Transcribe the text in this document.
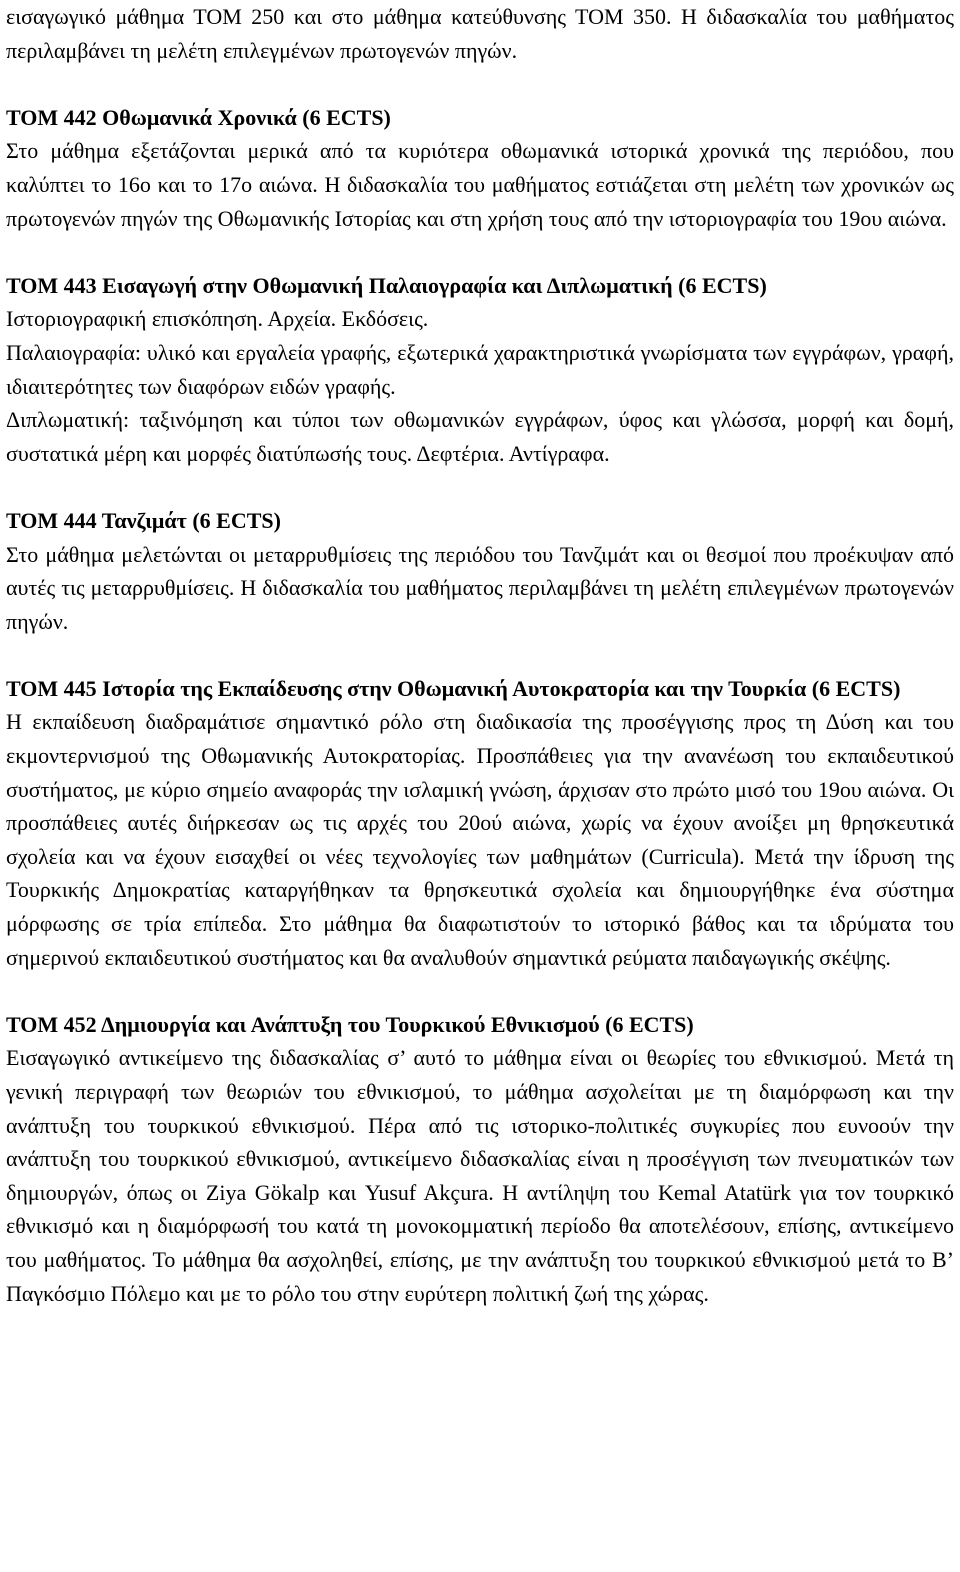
εισαγωγικό μάθημα ΤΟΜ 250 και στο μάθημα κατεύθυνσης ΤΟΜ 350. Η διδασκαλία του μαθήματος περιλαμβάνει τη μελέτη επιλεγμένων πρωτογενών πηγών.

ΤΟΜ 442 Οθωμανικά Χρονικά (6 ECTS)

Στο μάθημα εξετάζονται μερικά από τα κυριότερα οθωμανικά ιστορικά χρονικά της περιόδου, που καλύπτει το 16ο και το 17ο αιώνα. Η διδασκαλία του μαθήματος εστιάζεται στη μελέτη των χρονικών ως πρωτογενών πηγών της Οθωμανικής Ιστορίας και στη χρήση τους από την ιστοριογραφία του 19ου αιώνα.

ΤΟΜ 443 Εισαγωγή στην Οθωμανική Παλαιογραφία και Διπλωματική (6 ECTS)

Ιστοριογραφική επισκόπηση. Αρχεία. Εκδόσεις.

Παλαιογραφία: υλικό και εργαλεία γραφής, εξωτερικά χαρακτηριστικά γνωρίσματα των εγγράφων, γραφή, ιδιαιτερότητες των διαφόρων ειδών γραφής.

Διπλωματική: ταξινόμηση και τύποι των οθωμανικών εγγράφων, ύφος και γλώσσα, μορφή και δομή, συστατικά μέρη και μορφές διατύπωσής τους. Δεφτέρια. Αντίγραφα.

ΤΟΜ 444 Τανζιμάτ (6 ECTS)

Στο μάθημα μελετώνται οι μεταρρυθμίσεις της περιόδου του Τανζιμάτ και οι θεσμοί που προέκυψαν από αυτές τις μεταρρυθμίσεις. Η διδασκαλία του μαθήματος περιλαμβάνει τη μελέτη επιλεγμένων πρωτογενών πηγών.

ΤΟΜ 445 Ιστορία της Εκπαίδευσης στην Οθωμανική Αυτοκρατορία και την Τουρκία (6 ECTS)

Η εκπαίδευση διαδραμάτισε σημαντικό ρόλο στη διαδικασία της προσέγγισης προς τη Δύση και του εκμοντερνισμού της Οθωμανικής Αυτοκρατορίας. Προσπάθειες για την ανανέωση του εκπαιδευτικού συστήματος, με κύριο σημείο αναφοράς την ισλαμική γνώση, άρχισαν στο πρώτο μισό του 19ου αιώνα. Οι προσπάθειες αυτές διήρκεσαν ως τις αρχές του 20ού αιώνα, χωρίς να έχουν ανοίξει μη θρησκευτικά σχολεία και να έχουν εισαχθεί οι νέες τεχνολογίες των μαθημάτων (Curricula). Μετά την ίδρυση της Τουρκικής Δημοκρατίας καταργήθηκαν τα θρησκευτικά σχολεία και δημιουργήθηκε ένα σύστημα μόρφωσης σε τρία επίπεδα. Στο μάθημα θα διαφωτιστούν το ιστορικό βάθος και τα ιδρύματα του σημερινού εκπαιδευτικού συστήματος και θα αναλυθούν σημαντικά ρεύματα παιδαγωγικής σκέψης.

ΤΟΜ 452 Δημιουργία και Ανάπτυξη του Τουρκικού Εθνικισμού (6 ECTS)

Εισαγωγικό αντικείμενο της διδασκαλίας σ’ αυτό το μάθημα είναι οι θεωρίες του εθνικισμού. Μετά τη γενική περιγραφή των θεωριών του εθνικισμού, το μάθημα ασχολείται με τη διαμόρφωση και την ανάπτυξη του τουρκικού εθνικισμού. Πέρα από τις ιστορικο-πολιτικές συγκυρίες που ευνοούν την ανάπτυξη του τουρκικού εθνικισμού, αντικείμενο διδασκαλίας είναι η προσέγγιση των πνευματικών των δημιουργών, όπως οι Ziya Gökalp και Yusuf Akçura. Η αντίληψη του Kemal Atatürk για τον τουρκικό εθνικισμό και η διαμόρφωσή του κατά τη μονοκομματική περίοδο θα αποτελέσουν, επίσης, αντικείμενο του μαθήματος. Το μάθημα θα ασχοληθεί, επίσης, με την ανάπτυξη του τουρκικού εθνικισμού μετά το Β’ Παγκόσμιο Πόλεμο και με το ρόλο του στην ευρύτερη πολιτική ζωή της χώρας.
